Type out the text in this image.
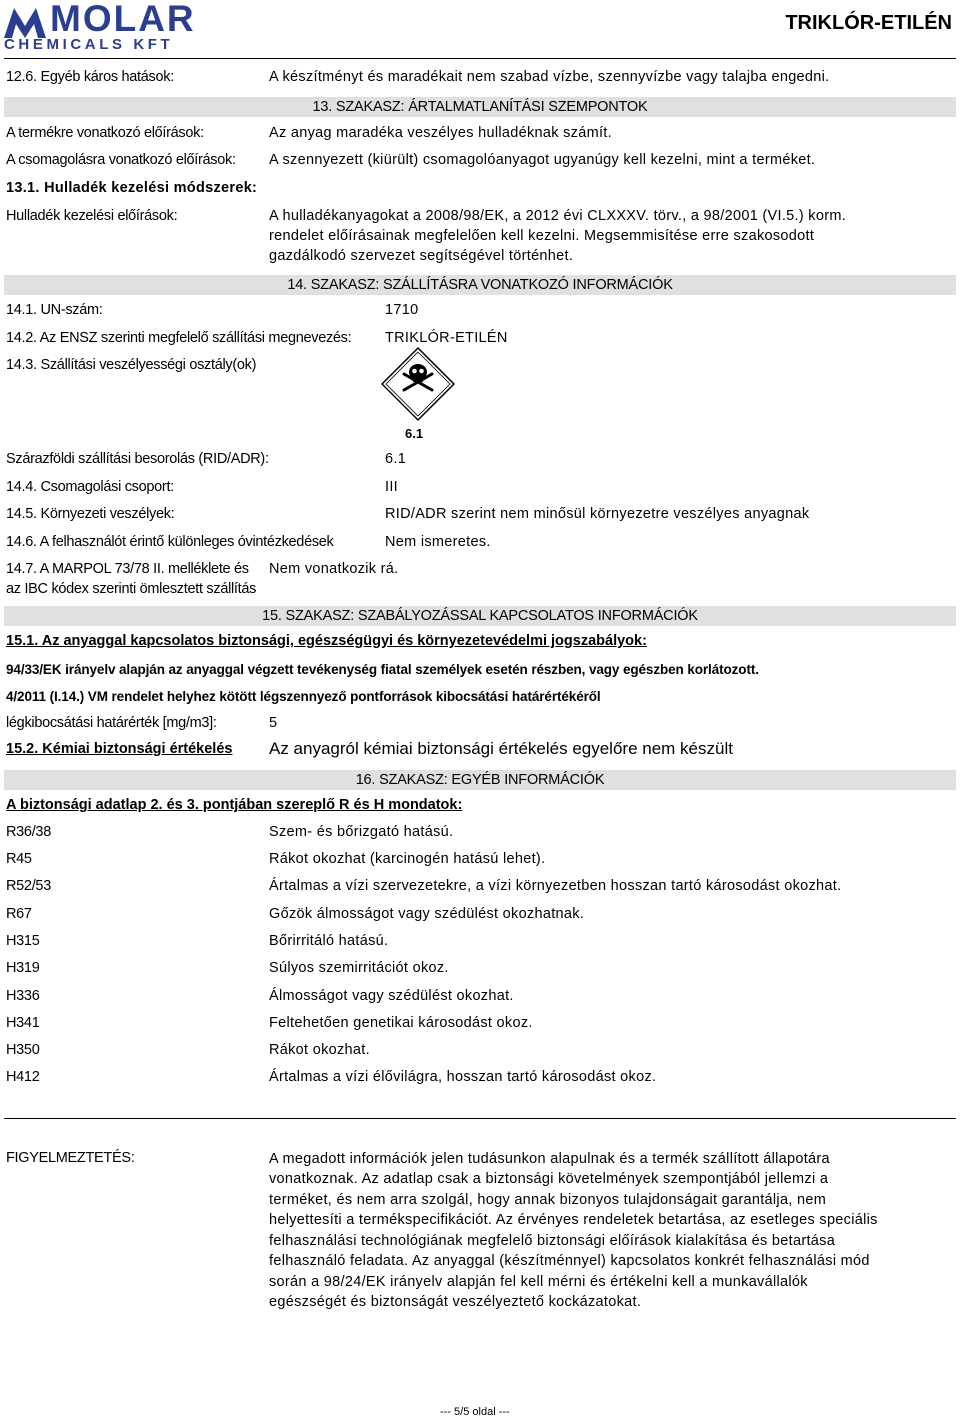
MOLAR
CHEMICALS KFT
TRIKLÓR-ETILÉN
12.6. Egyéb káros hatások:	A készítményt és maradékait nem szabad vízbe, szennyvízbe vagy talajba engedni.
13. SZAKASZ: ÁRTALMATLANÍTÁSI SZEMPONTOK
A termékre vonatkozó előírások:	Az anyag maradéka veszélyes hulladéknak számít.
A csomagolásra vonatkozó előírások: A szennyezett (kiürült) csomagolóanyagot ugyanúgy kell kezelni, mint a terméket.
13.1. Hulladék kezelési módszerek:
Hulladék kezelési előírások:	A hulladékanyagokat a 2008/98/EK, a 2012 évi CLXXXV. törv., a 98/2001 (VI.5.) korm.
rendelet előírásainak megfelelően kell kezelni. Megsemmisítése erre szakosodott
gazdálkodó szervezet segítségével történhet.
14. SZAKASZ: SZÁLLÍTÁSRA VONATKOZÓ INFORMÁCIÓK
14.1. UN-szám:	1710
14.2. Az ENSZ szerinti megfelelő szállítási megnevezés: TRIKLÓR-ETILÉN
14.3. Szállítási veszélyességi osztály(ok)
6.1
Szárazföldi szállítási besorolás (RID/ADR):	6.1
14.4. Csomagolási csoport:	III
14.5. Környezeti veszélyek:	RID/ADR szerint nem minősül környezetre veszélyes anyagnak
14.6. A felhasználót érintő különleges óvintézkedések	Nem ismeretes.
14.7. A MARPOL 73/78 II. melléklete és
az IBC kódex szerinti ömlesztett szállítás
Nem vonatkozik rá.
15. SZAKASZ: SZABÁLYOZÁSSAL KAPCSOLATOS INFORMÁCIÓK
15.1. Az anyaggal kapcsolatos biztonsági, egészségügyi és környezetevédelmi jogszabályok:
94/33/EK irányelv alapján az anyaggal végzett tevékenység fiatal személyek esetén részben, vagy egészben korlátozott.
4/2011 (I.14.) VM rendelet helyhez kötött légszennyező pontforrások kibocsátási határértékéről
légkibocsátási határérték [mg/m3]:	5
15.2. Kémiai biztonsági értékelés Az anyagról kémiai biztonsági értékelés egyelőre nem készült
16. SZAKASZ: EGYÉB INFORMÁCIÓK
A biztonsági adatlap 2. és 3. pontjában szereplő R és H mondatok:
R36/38	Szem- és bőrizgató hatású.
R45	Rákot okozhat (karcinogén hatású lehet).
R52/53	Ártalmas a vízi szervezetekre, a vízi környezetben hosszan tartó károsodást okozhat.
R67	Gőzök álmosságot vagy szédülést okozhatnak.
H315	Bőrirritáló hatású.
H319	Súlyos szemirritációt okoz.
H336	Álmosságot vagy szédülést okozhat.
H341	Feltehetően genetikai károsodást okoz.
H350	Rákot okozhat.
H412	Ártalmas a vízi élővilágra, hosszan tartó károsodást okoz.
FIGYELMEZTETÉS:	A megadott információk jelen tudásunkon alapulnak és a termék szállított állapotára
vonatkoznak. Az adatlap csak a biztonsági követelmények szempontjából jellemzi a
terméket, és nem arra szolgál, hogy annak bizonyos tulajdonságait garantálja, nem
helyettesíti a termékspecifikációt. Az érvényes rendeletek betartása, az esetleges speciális
felhasználási technológiának megfelelő biztonsági előírások kialakítása és betartása
felhasználó feladata. Az anyaggal (készítménnyel) kapcsolatos konkrét felhasználási mód
során a 98/24/EK irányelv alapján fel kell mérni és értékelni kell a munkavállalók
egészségét és biztonságát veszélyeztető kockázatokat.
--- 5/5 oldal ---
